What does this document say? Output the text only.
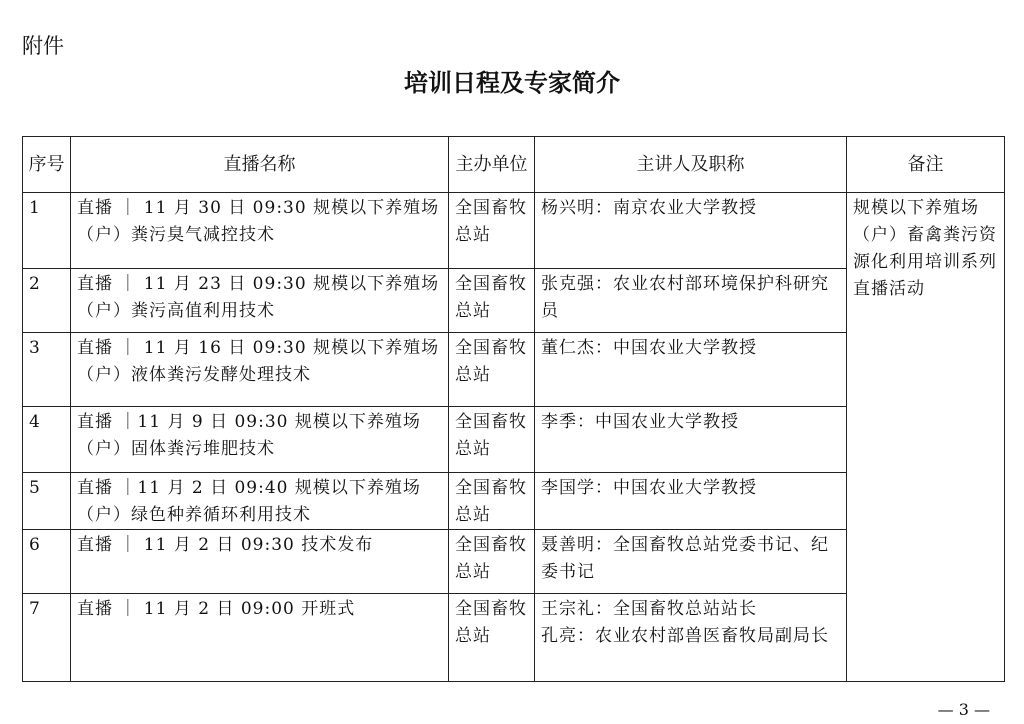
附件
培训日程及专家简介
序号	直播名称	主办单位	主讲人及职称	备注
1	直播 ｜ 11 月 30 日 09:30 规模以下养殖场（户）粪污臭气减控技术	全国畜牧总站	杨兴明：南京农业大学教授	规模以下养殖场（户）畜禽粪污资源化利用培训系列直播活动
2	直播 ｜ 11 月 23 日 09:30 规模以下养殖场（户）粪污高值利用技术	全国畜牧总站	张克强：农业农村部环境保护科研究员	
3	直播 ｜ 11 月 16 日 09:30 规模以下养殖场（户）液体粪污发酵处理技术	全国畜牧总站	董仁杰：中国农业大学教授	
4	直播 ｜11 月 9 日 09:30 规模以下养殖场（户）固体粪污堆肥技术	全国畜牧总站	李季：中国农业大学教授	
5	直播 ｜11 月 2 日 09:40 规模以下养殖场（户）绿色种养循环利用技术	全国畜牧总站	李国学：中国农业大学教授	
6	直播 ｜ 11 月 2 日 09:30 技术发布	全国畜牧总站	聂善明：全国畜牧总站党委书记、纪委书记	
7	直播 ｜ 11 月 2 日 09:00 开班式	全国畜牧总站	王宗礼：全国畜牧总站站长
孔亮：农业农村部兽医畜牧局副局长	
— 3 —
